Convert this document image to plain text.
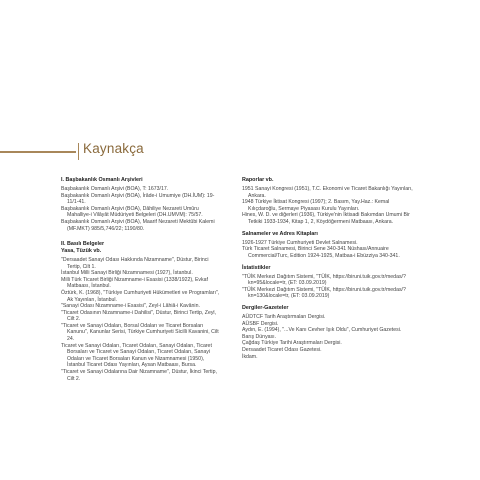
Kaynakça

I. Başbakanlık Osmanlı Arşivleri

Başbakanlık Osmanlı Arşivi (BOA), T: 1673/17.

Başbakanlık Osmanlı Arşivi (BOA), İrâde-i Umumiye (DH.İUM): 19-11/1-41.

Başbakanlık Osmanlı Arşivi (BOA), Dâhiliye Nezareti Umûru Mahalliye-i Vilâyât Müdüriyeti Belgeleri (DH.UMVM): 75/57.

Başbakanlık Osmanlı Arşivi (BOA), Maarif Nezareti Mektûbi Kalemi (MF.MKT) 985/5,746/22; 1190/80.

II. Basılı Belgeler

Yasa, Tüzük vb.

"Dersaadet Sanayi Odası Hakkında Nizamname", Düstur, Birinci Tertip, Cilt 1.

İstanbul Milli Sanayi Birliği Nizamnamesi (1927), İstanbul.

Milli Türk Ticaret Birliği Nizamname-i Esasisi (1338/1922), Evkaf Matbaası, İstanbul.

Öztürk, K. (1968), "Türkiye Cumhuriyeti Hükümetleri ve Programları", Ak Yayınları, İstanbul.

"Sanayi Odası Nizamname-i Esasisi", Zeyl-i Lâhiâ-i Kavânin.

"Ticaret Odasının Nizamname-i Dahilisi", Düstur, Birinci Tertip, Zeyl, Cilt 2.

"Ticaret ve Sanayi Odaları, Borsal Odaları ve Ticaret Borsaları Kanunu", Kanunlar Serisi, Türkiye Cumhuriyeti Sicilli Kavanini, Cilt 24.

Ticaret ve Sanayi Odaları, Ticaret Odaları, Sanayi Odaları, Ticaret Borsaları ve Ticaret ve Sanayi Odaları, Ticaret Odaları, Sanayi Odaları ve Ticaret Borsaları Kanun ve Nizamnamesi (1950), İstanbul Ticaret Odası Yayınları, Aysan Matbaası, Bursa.

"Ticaret ve Sanayi Odalarına Dair Nizamname", Düstur, İkinci Tertip, Cilt 2.

Raporlar vb.

1951 Sanayi Kongresi (1951), T.C. Ekonomi ve Ticaret Bakanlığı Yayınları, Ankara.

1948 Türkiye İktisat Kongresi (1997); 2. Basım, Yay.Haz.: Kemal Kılıçdaroğlu, Sermaye Piyasası Kurulu Yayınları.

Hines, W. D. ve diğerleri (1936), Türkiye'nin İktisadi Bakımdan Umumi Bir Tetkiki 1933-1934, Kitap 1, 2, Köydöğermeni Matbaası, Ankara.

Salnameler ve Adres Kitapları

1926-1927 Türkiye Cumhuriyeti Devlet Salnamesi.

Türk Ticaret Salnamesi, Birinci Sene 340-341 Nüshası/Annuaire Commercial/Turc, Edition 1924-1925, Matbaa-i Ebüzziya 340-341.

İstatistikler

"TÜİK Merkezi Dağıtım Sistemi, "TÜİK, https://biruni.tuik.gov.tr/medas/?kn=95&locale=tr, (ET: 03.09.2019)

"TÜİK Merkezi Dağıtım Sistemi, "TÜİK, https://biruni.tuik.gov.tr/medas/?kn=130&locale=tr, (ET: 03.09.2019)

Dergiler-Gazeteler

AÜDTCF Tarih Araştırmaları Dergisi.

AÜSBF Dergisi.

Aydın, E. (1994), "...Ve Kanı Cevher Işık Oldu", Cumhuriyet Gazetesi.

Barış Dünyası.

Çağdaş Türkiye Tarihi Araştırmaları Dergisi.

Dersaadet Ticaret Odası Gazetesi.

İkdam.
